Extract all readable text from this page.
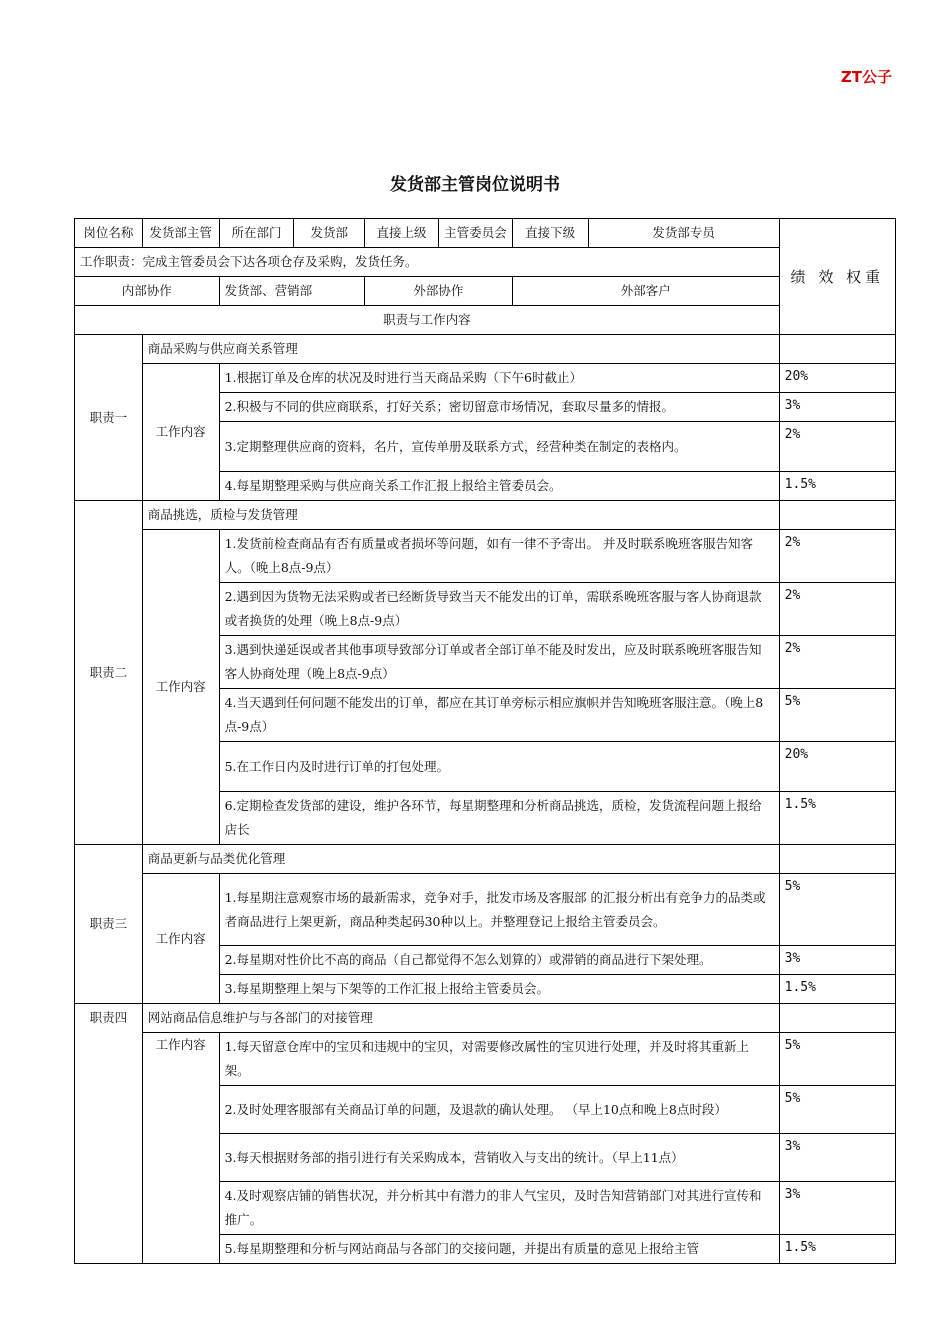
ZT公子
发货部主管岗位说明书
岗位名称	发货部主管	所在部门	发货部	直接上级	主管委员会	直接下级	发货部专员	绩 效 权重
工作职责：完成主管委员会下达各项仓存及采购，发货任务。								
内部协作		发货部、营销部		外部协作		外部客户		
职责与工作内容								
职责一	商品采购与供应商关系管理							
	工作内容	1.根据订单及仓库的状况及时进行当天商品采购（下午6时截止）						20%
		2.积极与不同的供应商联系，打好关系；密切留意市场情况，套取尽量多的情报。						3%
		3.定期整理供应商的资料，名片，宣传单册及联系方式，经营种类在制定的表格内。						2%
		4.每星期整理采购与供应商关系工作汇报上报给主管委员会。						1.5%
职责二	商品挑选，质检与发货管理							
	工作内容	1.发货前检查商品有否有质量或者损坏等问题，如有一律不予寄出。 并及时联系晚班客服告知客人。（晚上8点-9点）						2%
		2.遇到因为货物无法采购或者已经断货导致当天不能发出的订单，需联系晚班客服与客人协商退款或者换货的处理（晚上8点-9点）						2%
		3.遇到快递延误或者其他事项导致部分订单或者全部订单不能及时发出，应及时联系晚班客服告知客人协商处理（晚上8点-9点）						2%
		4.当天遇到任何问题不能发出的订单，都应在其订单旁标示相应旗帜并告知晚班客服注意。（晚上8点-9点）						5%
		5.在工作日内及时进行订单的打包处理。						20%
		6.定期检查发货部的建设，维护各环节，每星期整理和分析商品挑选，质检，发货流程问题上报给店长						1.5%
职责三	商品更新与品类优化管理							
	工作内容	1.每星期注意观察市场的最新需求，竞争对手，批发市场及客服部 的汇报分析出有竞争力的品类或者商品进行上架更新，商品种类起码30种以上。并整理登记上报给主管委员会。						5%
		2.每星期对性价比不高的商品（自己都觉得不怎么划算的）或滞销的商品进行下架处理。						3%
		3.每星期整理上架与下架等的工作汇报上报给主管委员会。						1.5%
职责四	网站商品信息维护与与各部门的对接管理							
	工作内容	1.每天留意仓库中的宝贝和违规中的宝贝，对需要修改属性的宝贝进行处理，并及时将其重新上架。						5%
		2.及时处理客服部有关商品订单的问题，及退款的确认处理。 （早上10点和晚上8点时段）						5%
		3.每天根据财务部的指引进行有关采购成本，营销收入与支出的统计。（早上11点）						3%
		4.及时观察店铺的销售状况，并分析其中有潜力的非人气宝贝，及时告知营销部门对其进行宣传和推广。						3%
		5.每星期整理和分析与网站商品与各部门的交接问题，并提出有质量的意见上报给主管						1.5%
